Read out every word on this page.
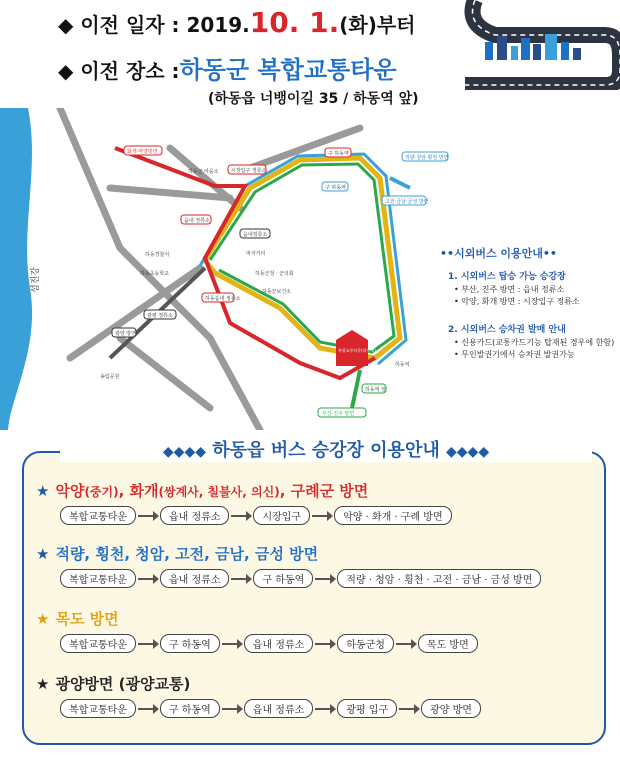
◆ 이전 일자 : 2019.10. 1.(화)부터
◆ 이전 장소 :하동군 복합교통타운
(하동읍 너뱅이길 35 / 하동역 앞)
섬진강
복합교통타운(하동역)
화개·악양방면
적량·청암·횡천 방면
고전·금남·금성 방면
부산·진주 방면
하동군 마을소 시장입구 정류소
구 하동역
구 하동역
읍내 정류소
읍내정류소
하동경찰서
하동초등학교
광평 정류소
광양 방면
송림공원
하동군청 · 군의회
하동군보건소
하동읍내 정류소
하동역
하동역 앞
먹자거리	••시외버스 이용안내••
1. 시외버스 탑승 가능 승강장
• 부산, 진주 방면 : 읍내 정류소
• 악양, 화개 방면 : 시장입구 정류소
2. 시외버스 승차권 발매 안내
• 신용카드(교통카드기능 탑재된 경우에 한함)
• 무인발권기에서 승차권 발권가능
◆◆◆◆ 하동읍 버스 승강장 이용안내 ◆◆◆◆
★ 악양(중기), 화개(쌍계사, 칠불사, 의신), 구례군 방면
복합교통타운	읍내 정류소	시장입구	악양 · 화개 · 구례 방면
★ 적량, 횡천, 청암, 고전, 금남, 금성 방면
복합교통타운	읍내 정류소	구 하동역	적량 · 청암 · 횡천 · 고전 · 금남 · 금성 방면
★ 목도 방면
복합교통타운	구 하동역	읍내 정류소	하동군청	목도 방면
★ 광양방면 (광양교통)
복합교통타운	구 하동역	읍내 정류소	광평 입구	광양 방면
